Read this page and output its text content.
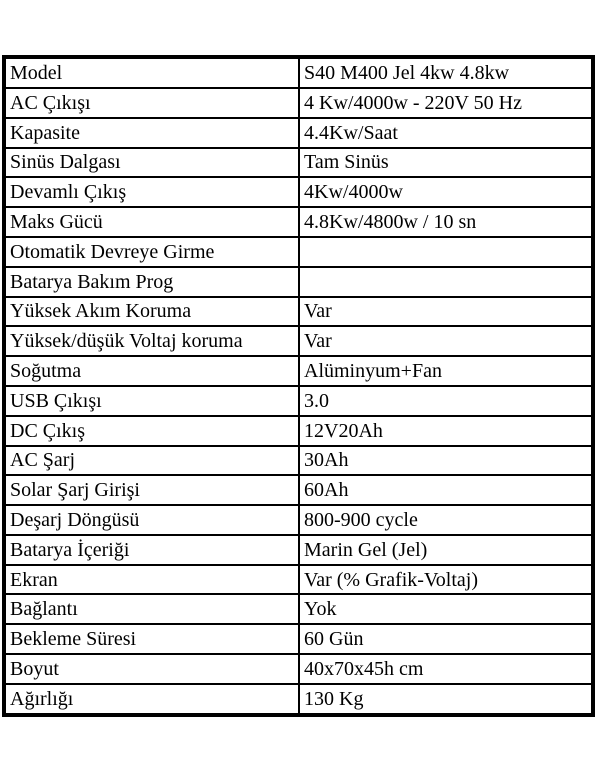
Model	S40 M400 Jel 4kw 4.8kw
AC Çıkışı	4 Kw/4000w - 220V 50 Hz
Kapasite	4.4Kw/Saat
Sinüs Dalgası	Tam Sinüs
Devamlı Çıkış	4Kw/4000w
Maks Gücü	4.8Kw/4800w / 10 sn
Otomatik Devreye Girme	
Batarya Bakım Prog	
Yüksek Akım Koruma	Var
Yüksek/düşük Voltaj koruma	Var
Soğutma	Alüminyum+Fan
USB Çıkışı	3.0
DC Çıkış	12V20Ah
AC Şarj	30Ah
Solar Şarj Girişi	60Ah
Deşarj Döngüsü	800-900 cycle
Batarya İçeriği	Marin Gel (Jel)
Ekran	Var (% Grafik-Voltaj)
Bağlantı	Yok
Bekleme Süresi	60 Gün
Boyut	40x70x45h cm
Ağırlığı	130 Kg
